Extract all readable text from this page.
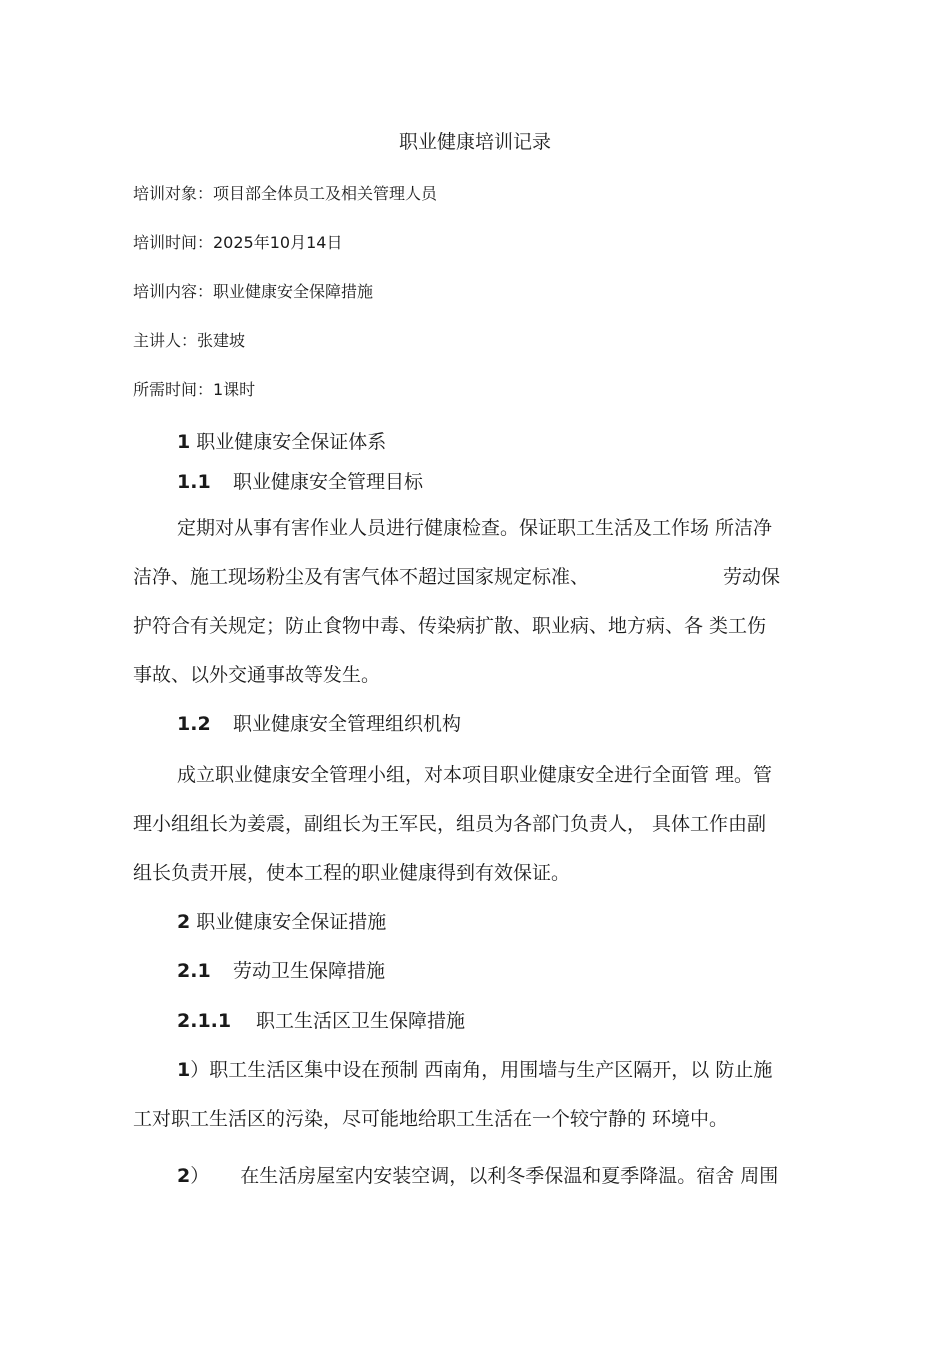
职业健康培训记录
培训对象：项目部全体员工及相关管理人员
培训时间：2025年10月14日
培训内容：职业健康安全保障措施
主讲人：张建坡
所需时间：1课时
1 职业健康安全保证体系
1.1 职业健康安全管理目标
定期对从事有害作业人员进行健康检查。保证职工生活及工作场 所洁净
洁净、施工现场粉尘及有害气体不超过国家规定标准、	劳动保
护符合有关规定；防止食物中毒、传染病扩散、职业病、地方病、各 类工伤
事故、以外交通事故等发生。
1.2 职业健康安全管理组织机构
成立职业健康安全管理小组，对本项目职业健康安全进行全面管 理。管
理小组组长为姜震，副组长为王军民，组员为各部门负责人， 具体工作由副
组长负责开展，使本工程的职业健康得到有效保证。
2 职业健康安全保证措施
2.1 劳动卫生保障措施
2.1.1 职工生活区卫生保障措施
1）职工生活区集中设在预制 西南角，用围墙与生产区隔开，以 防止施
工对职工生活区的污染，尽可能地给职工生活在一个较宁静的 环境中。
2） 在生活房屋室内安装空调，以利冬季保温和夏季降温。宿舍 周围
